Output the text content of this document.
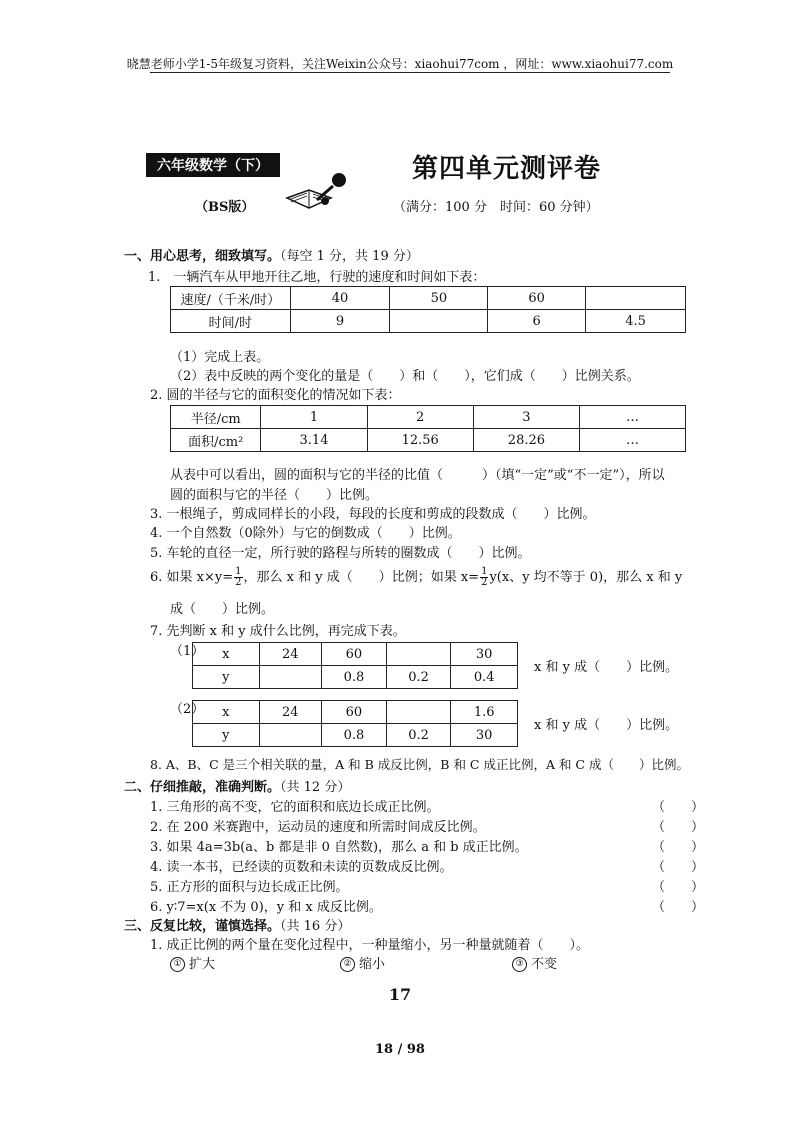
晓慧老师小学1-5年级复习资料，关注Weixin公众号：xiaohui77com ，网址：www.xiaohui77.com
六年级数学（下）
（BS版）
第四单元测评卷
（满分：100 分　时间：60 分钟）
一、用心思考，细致填写。（每空 1 分，共 19 分）
1.　一辆汽车从甲地开往乙地，行驶的速度和时间如下表：
速度/（千米/时）	40	50	60	
时间/时	9		6	4.5
（1）完成上表。
（2）表中反映的两个变化的量是（　　）和（　　），它们成（　　）比例关系。
2. 圆的半径与它的面积变化的情况如下表：
半径/cm	1	2	3	…
面积/cm²	3.14	12.56	28.26	…
从表中可以看出，圆的面积与它的半径的比值（　　　）（填“一定”或“不一定”），所以
圆的面积与它的半径（　　）比例。
3. 一根绳子，剪成同样长的小段，每段的长度和剪成的段数成（　　）比例。
4. 一个自然数（0除外）与它的倒数成（　　）比例。
5. 车轮的直径一定，所行驶的路程与所转的圈数成（　　）比例。
6. 如果 $x\times y= \frac{1}{2}$ ，那么 x 和 y 成（　　）比例；如果 $x= \frac{1}{2} y(x$、y 均不等于 0)，那么 x 和 y
成（　　）比例。
7. 先判断 x 和 y 成什么比例，再完成下表。
（1） x	24	60		30
y		0.8	0.2	0.4
x 和 y 成（　　）比例。
（2） x	24	60		1.6
y		0.8	0.2	30
x 和 y 成（　　）比例。
8. A、B、C 是三个相关联的量，A 和 B 成反比例，B 和 C 成正比例，A 和 C 成（　　）比例。
二、仔细推敲，准确判断。（共 12 分）
1. 三角形的高不变，它的面积和底边长成正比例。	（　　）
2. 在 200 米赛跑中，运动员的速度和所需时间成反比例。	（　　）
3. 如果 4a=3b(a、b 都是非 0 自然数)，那么 a 和 b 成正比例。	（　　）
4. 读一本书，已经读的页数和未读的页数成反比例。	（　　）
5. 正方形的面积与边长成正比例。	（　　）
6. y∶7=x(x 不为 0)，y 和 x 成反比例。	（　　）
三、反复比较，谨慎选择。（共 16 分）
1. 成正比例的两个量在变化过程中，一种量缩小，另一种量就随着（　　）。
① 扩大	② 缩小	③ 不变
17
18 / 98
